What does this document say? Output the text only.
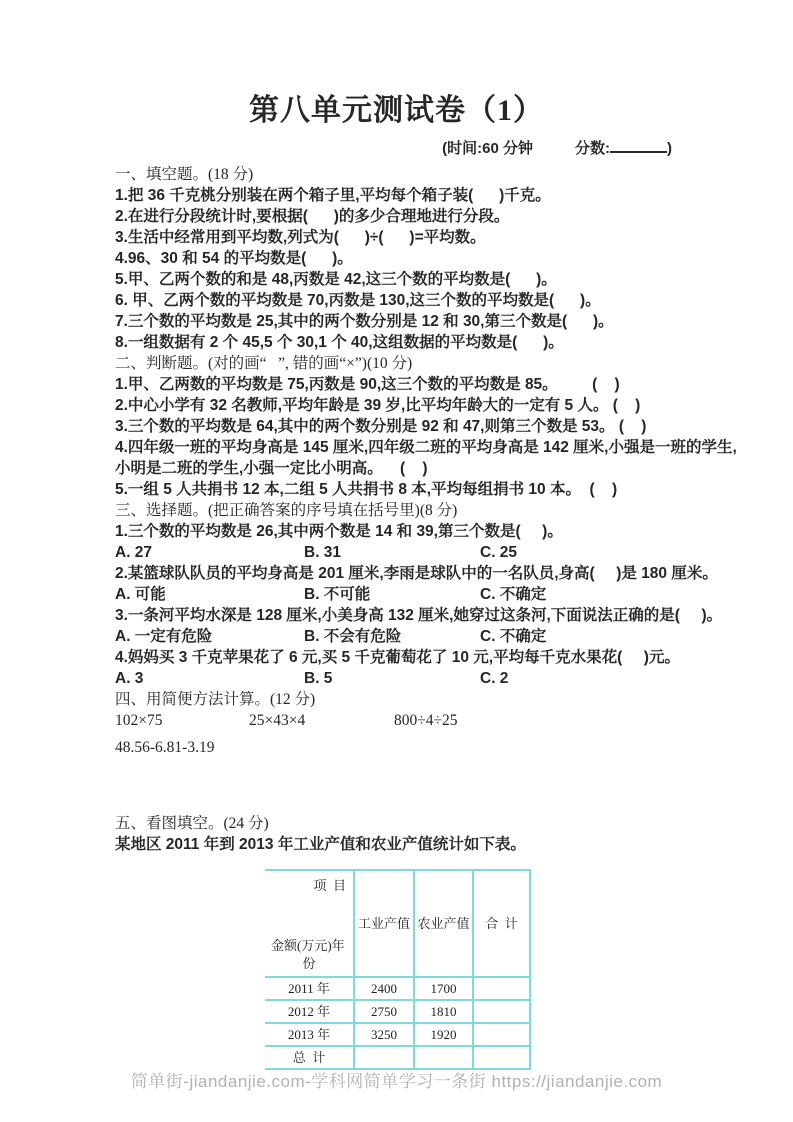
第八单元测试卷（1）
(时间:60 分钟	分数:	)
一、填空题。(18 分)
1.把 36 千克桃分别装在两个箱子里,平均每个箱子装(      )千克。
2.在进行分段统计时,要根据(      )的多少合理地进行分段。
3.生活中经常用到平均数,列式为(      )÷(      )=平均数。
4.96、30 和 54 的平均数是(      )。
5.甲、乙两个数的和是 48,丙数是 42,这三个数的平均数是(      )。
6. 甲、乙两个数的平均数是 70,丙数是 130,这三个数的平均数是(      )。
7.三个数的平均数是 25,其中的两个数分别是 12 和 30,第三个数是(      )。
8.一组数据有 2 个 45,5 个 30,1 个 40,这组数据的平均数是(      )。
二、判断题。(对的画“   ”, 错的画“×”)(10 分)
1.甲、乙两数的平均数是 75,丙数是 90,这三个数的平均数是 85。        (    )
2.中心小学有 32 名教师,平均年龄是 39 岁,比平均年龄大的一定有 5 人。 (    )
3.三个数的平均数是 64,其中的两个数分别是 92 和 47,则第三个数是 53。 (    )
4.四年级一班的平均身高是 145 厘米,四年级二班的平均身高是 142 厘米,小强是一班的学生,
小明是二班的学生,小强一定比小明高。    (    )
5.一组 5 人共捐书 12 本,二组 5 人共捐书 8 本,平均每组捐书 10 本。  (    )
三、选择题。(把正确答案的序号填在括号里)(8 分)
1.三个数的平均数是 26,其中两个数是 14 和 39,第三个数是(     )。
A. 27	B. 31	C. 25
2.某篮球队队员的平均身高是 201 厘米,李雨是球队中的一名队员,身高(     )是 180 厘米。
A. 可能	B. 不可能	C. 不确定
3.一条河平均水深是 128 厘米,小美身高 132 厘米,她穿过这条河,下面说法正确的是(     )。
A. 一定有危险	B. 不会有危险	C. 不确定
4.妈妈买 3 千克苹果花了 6 元,买 5 千克葡萄花了 10 元,平均每千克水果花(     )元。
A. 3	B. 5	C. 2
四、用简便方法计算。(12 分)
102×75	25×43×4	800÷4÷25
48.56-6.81-3.19
五、看图填空。(24 分)
某地区 2011 年到 2013 年工业产值和农业产值统计如下表。

项  目

金额(万元)年

份	工业产值	农业产值	合  计
2011 年	2400	1700	
2012 年	2750	1810	
2013 年	3250	1920	
总  计			
简单街-jiandanjie.com-学科网简单学习一条街 https://jiandanjie.com
